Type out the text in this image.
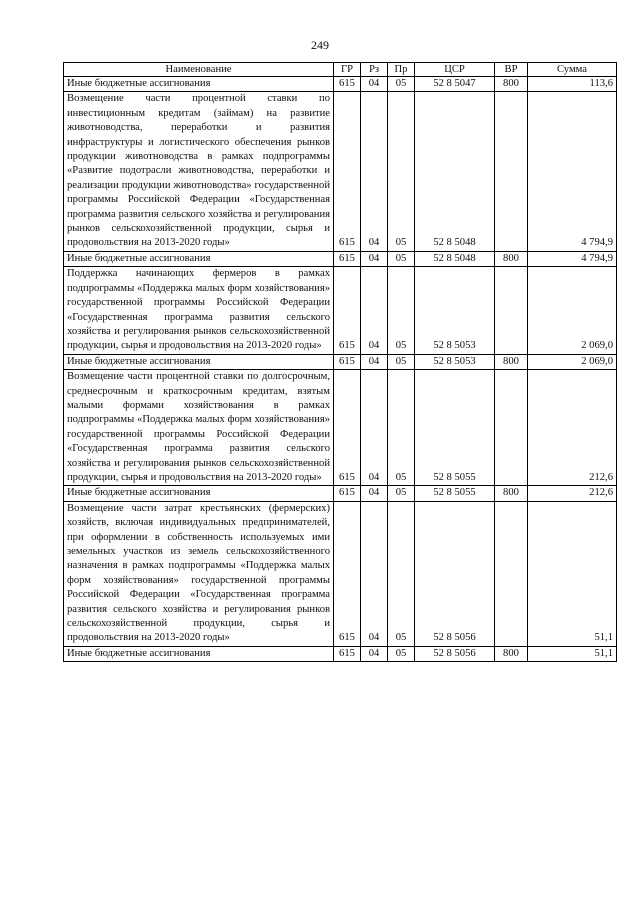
249
Наименование	ГР	Рз	Пр	ЦСР	ВР	Сумма
Иные бюджетные ассигнования	615	04	05	52 8 5047	800	113,6
Возмещение части процентной ставки по инвестиционным кредитам (займам) на развитие животноводства, переработки и развития инфраструктуры и логистического обеспечения рынков продукции животноводства в рамках подпрограммы «Развитие подотрасли животноводства, переработки и реализации продукции животноводства» государственной программы Российской Федерации «Государственная программа развития сельского хозяйства и регулирования рынков сельскохозяйственной продукции, сырья и продовольствия на 2013-2020 годы»	615	04	05	52 8 5048		4 794,9
Иные бюджетные ассигнования	615	04	05	52 8 5048	800	4 794,9
Поддержка начинающих фермеров в рамках подпрограммы «Поддержка малых форм хозяйствования» государственной программы Российской Федерации «Государственная программа развития сельского хозяйства и регулирования рынков сельскохозяйственной продукции, сырья и продовольствия на 2013-2020 годы»	615	04	05	52 8 5053		2 069,0
Иные бюджетные ассигнования	615	04	05	52 8 5053	800	2 069,0
Возмещение части процентной ставки по долгосрочным, среднесрочным и краткосрочным кредитам, взятым малыми формами хозяйствования в рамках подпрограммы «Поддержка малых форм хозяйствования» государственной программы Российской Федерации «Государственная программа развития сельского хозяйства и регулирования рынков сельскохозяйственной продукции, сырья и продовольствия на 2013-2020 годы»	615	04	05	52 8 5055		212,6
Иные бюджетные ассигнования	615	04	05	52 8 5055	800	212,6
Возмещение части затрат крестьянских (фермерских) хозяйств, включая индивидуальных предпринимателей, при оформлении в собственность используемых ими земельных участков из земель сельскохозяйственного назначения в рамках подпрограммы «Поддержка малых форм хозяйствования» государственной программы Российской Федерации «Государственная программа развития сельского хозяйства и регулирования рынков сельскохозяйственной продукции, сырья и продовольствия на 2013-2020 годы»	615	04	05	52 8 5056		51,1
Иные бюджетные ассигнования	615	04	05	52 8 5056	800	51,1
